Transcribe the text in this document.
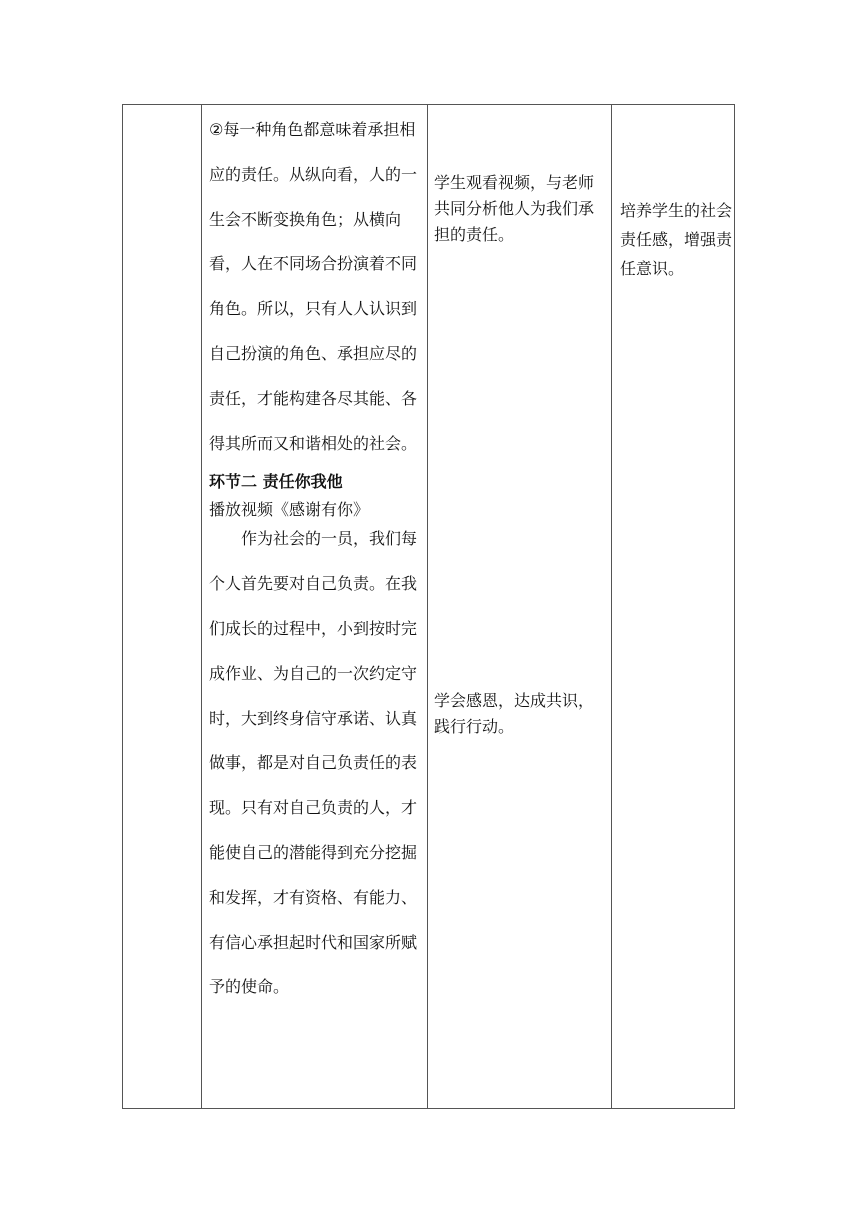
②每一种角色都意味着承担相应的责任。从纵向看，人的一生会不断变换角色；从横向看，人在不同场合扮演着不同角色。所以，只有人人认识到自己扮演的角色、承担应尽的责任，才能构建各尽其能、各得其所而又和谐相处的社会。
环节二 责任你我他
播放视频《感谢有你》
作为社会的一员，我们每个人首先要对自己负责。在我们成长的过程中，小到按时完成作业、为自己的一次约定守时，大到终身信守承诺、认真做事，都是对自己负责任的表现。只有对自己负责的人，才能使自己的潜能得到充分挖掘和发挥，才有资格、有能力、有信心承担起时代和国家所赋予的使命。
学生观看视频，与老师共同分析他人为我们承担的责任。
学会感恩，达成共识，践行行动。
培养学生的社会责任感，增强责任意识。
